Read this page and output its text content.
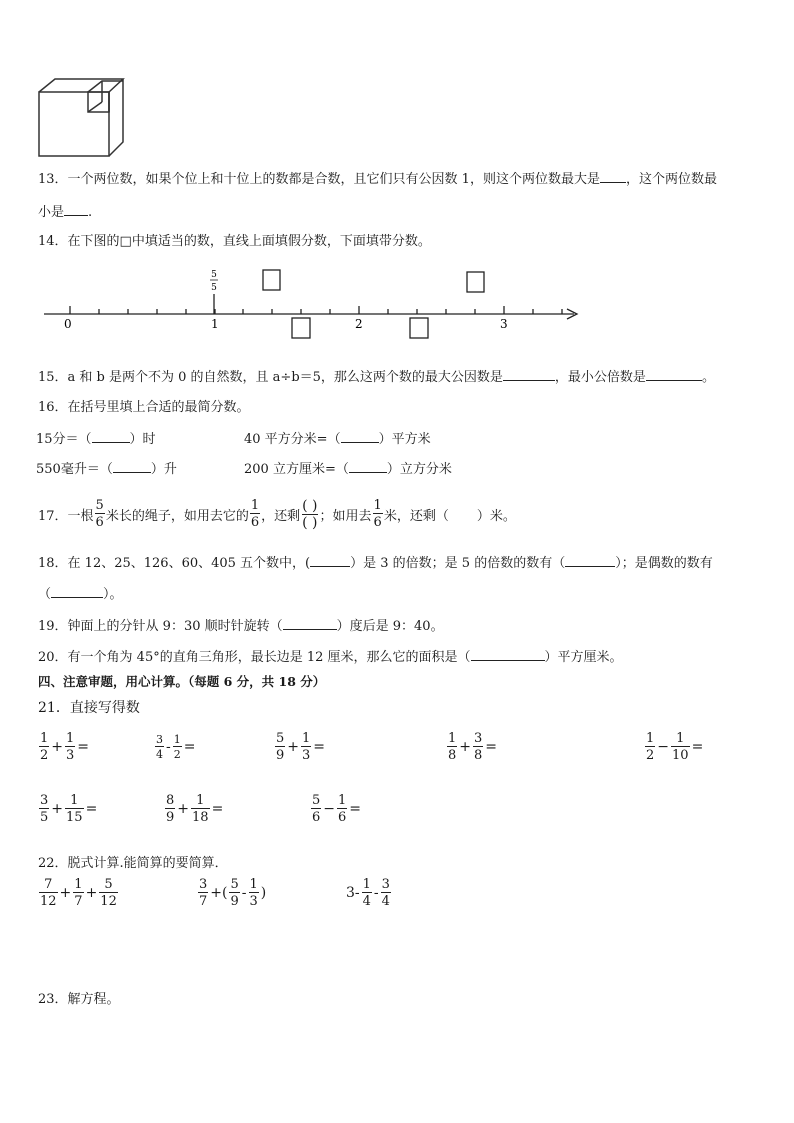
13．一个两位数，如果个位上和十位上的数都是合数，且它们只有公因数 1，则这个两位数最大是 ，这个两位数最
小是 .
14．在下图的□中填适当的数，直线上面填假分数，下面填带分数。
5
5
0	1	2	3
15．a 和 b 是两个不为 0 的自然数，且 a÷b＝5，那么这两个数的最大公因数是	，最小公倍数是	。
16．在括号里填上合适的最简分数。
15分＝（	）时	40 平方分米=（	）平方米
550毫升＝（	）升	200 立方厘米=（	）立方分米
17．一根 $\frac{5}{6}$ 米长的绳子，如用去它的 $\frac{1}{6}$ ，还剩
( )
( ) ；如用去 $\frac{1}{6}$ 米，还剩（ ）米。
18．在 12、25、126、60、405 五个数中，(	）是 3 的倍数；是 5 的倍数的数有（	）；是偶数的数有
（	）。
19．钟面上的分针从 9：30 顺时针旋转（	）度后是 9：40。
20．有一个角为 45°的直角三角形，最长边是 12 厘米，那么它的面积是（	）平方厘米。
四、注意审题，用心计算。（每题 6 分，共 18 分）
21．直接写得数
$\frac{1}{2} + \frac{1}{3}$ =	$\frac{3}{4} - \frac{1}{2}$ =	$\frac{5}{9} + \frac{1}{3}$ =	$\frac{1}{8} + \frac{3}{8}$ =	$\frac{1}{2} - \frac{1}{10}$ =
$\frac{3}{5} + \frac{1}{15}$ =	$\frac{8}{9} + \frac{1}{18}$ =	$\frac{5}{6} - \frac{1}{6}$ =
22．脱式计算.能简算的要简算．
$\frac{7}{12} + \frac{1}{7} + \frac{5}{12}$	$\frac{3}{7}$ +( $\frac{5}{9} - \frac{1}{3}$ )	$3- \frac{1}{4} - \frac{3}{4}$
23．解方程。
